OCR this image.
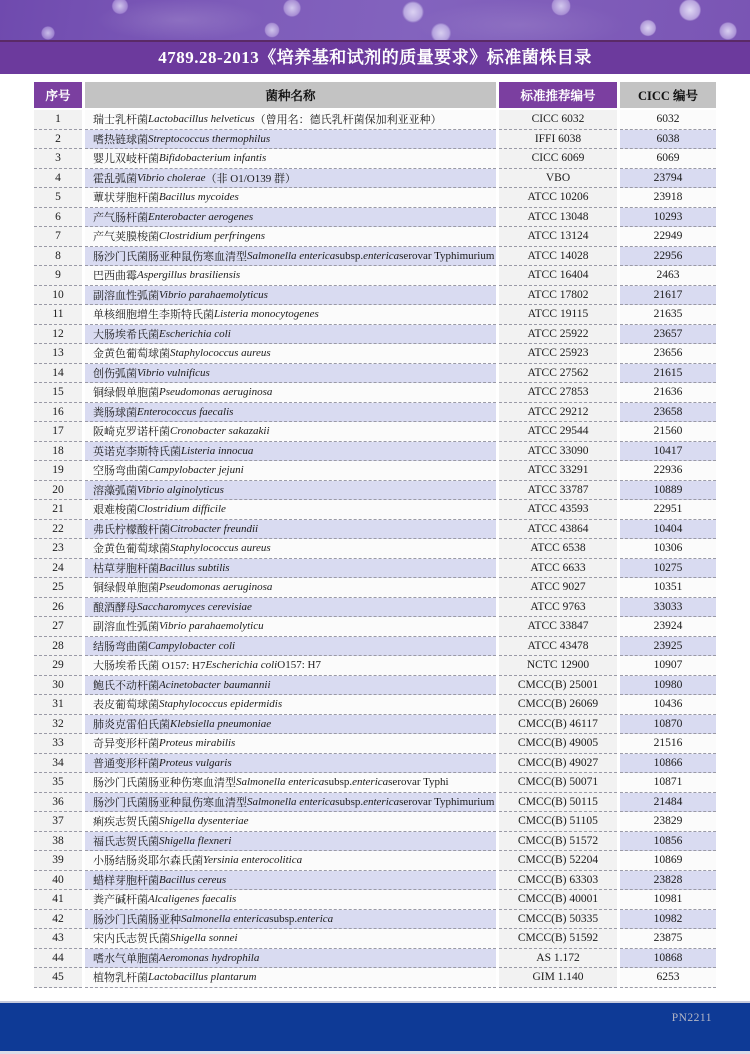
4789.28-2013《培养基和试剂的质量要求》标准菌株目录
序号	菌种名称	标准推荐编号	CICC 编号
1	瑞士乳杆菌 Lactobacillus helveticus （曾用名：德氏乳杆菌保加利亚亚种）	CICC 6032	6032
2	嗜热链球菌 Streptococcus thermophilus	IFFI 6038	6038
3	婴儿双岐杆菌 Bifidobacterium infantis	CICC 6069	6069
4	霍乱弧菌 Vibrio cholerae （非 O1/O139 群）	VBO	23794
5	蕈状芽胞杆菌 Bacillus mycoides	ATCC 10206	23918
6	产气肠杆菌 Enterobacter aerogenes	ATCC 13048	10293
7	产气荚膜梭菌 Clostridium perfringens	ATCC 13124	22949
8	肠沙门氏菌肠亚种鼠伤寒血清型 Salmonella enterica subsp. enterica serovar Typhimurium	ATCC 14028	22956
9	巴西曲霉 Aspergillus brasiliensis	ATCC 16404	2463
10	副溶血性弧菌 Vibrio parahaemolyticus	ATCC 17802	21617
11	单核细胞增生李斯特氏菌 Listeria monocytogenes	ATCC 19115	21635
12	大肠埃希氏菌 Escherichia coli	ATCC 25922	23657
13	金黄色葡萄球菌 Staphylococcus aureus	ATCC 25923	23656
14	创伤弧菌 Vibrio vulnificus	ATCC 27562	21615
15	铜绿假单胞菌 Pseudomonas aeruginosa	ATCC 27853	21636
16	粪肠球菌 Enterococcus faecalis	ATCC 29212	23658
17	阪崎克罗诺杆菌 Cronobacter sakazakii	ATCC 29544	21560
18	英诺克李斯特氏菌 Listeria innocua	ATCC 33090	10417
19	空肠弯曲菌 Campylobacter jejuni	ATCC 33291	22936
20	溶藻弧菌 Vibrio alginolyticus	ATCC 33787	10889
21	艰难梭菌 Clostridium difficile	ATCC 43593	22951
22	弗氏柠檬酸杆菌 Citrobacter freundii	ATCC 43864	10404
23	金黄色葡萄球菌 Staphylococcus aureus	ATCC 6538	10306
24	枯草芽胞杆菌 Bacillus subtilis	ATCC 6633	10275
25	铜绿假单胞菌 Pseudomonas aeruginosa	ATCC 9027	10351
26	酿酒酵母 Saccharomyces cerevisiae	ATCC 9763	33033
27	副溶血性弧菌 Vibrio parahaemolyticu	ATCC 33847	23924
28	结肠弯曲菌 Campylobacter coli	ATCC 43478	23925
29	大肠埃希氏菌 O157: H7 Escherichia coli O157: H7	NCTC 12900	10907
30	鲍氏不动杆菌 Acinetobacter baumannii	CMCC(B) 25001	10980
31	表皮葡萄球菌 Staphylococcus epidermidis	CMCC(B) 26069	10436
32	肺炎克雷伯氏菌 Klebsiella pneumoniae	CMCC(B) 46117	10870
33	奇异变形杆菌 Proteus mirabilis	CMCC(B) 49005	21516
34	普通变形杆菌 Proteus vulgaris	CMCC(B) 49027	10866
35	肠沙门氏菌肠亚种伤寒血清型 Salmonella enterica subsp. enterica serovar Typhi	CMCC(B) 50071	10871
36	肠沙门氏菌肠亚种鼠伤寒血清型 Salmonella enterica subsp. enterica serovar Typhimurium	CMCC(B) 50115	21484
37	痢疾志贺氏菌 Shigella dysenteriae	CMCC(B) 51105	23829
38	福氏志贺氏菌 Shigella flexneri	CMCC(B) 51572	10856
39	小肠结肠炎耶尔森氏菌 Yersinia enterocolitica	CMCC(B) 52204	10869
40	蜡样芽胞杆菌 Bacillus cereus	CMCC(B) 63303	23828
41	粪产碱杆菌 Alcaligenes faecalis	CMCC(B) 40001	10981
42	肠沙门氏菌肠亚种 Salmonella enterica subsp. enterica	CMCC(B) 50335	10982
43	宋内氏志贺氏菌 Shigella sonnei	CMCC(B) 51592	23875
44	嗜水气单胞菌 Aeromonas hydrophila	AS 1.172	10868
45	植物乳杆菌 Lactobacillus plantarum	GIM 1.140	6253
PN2211
